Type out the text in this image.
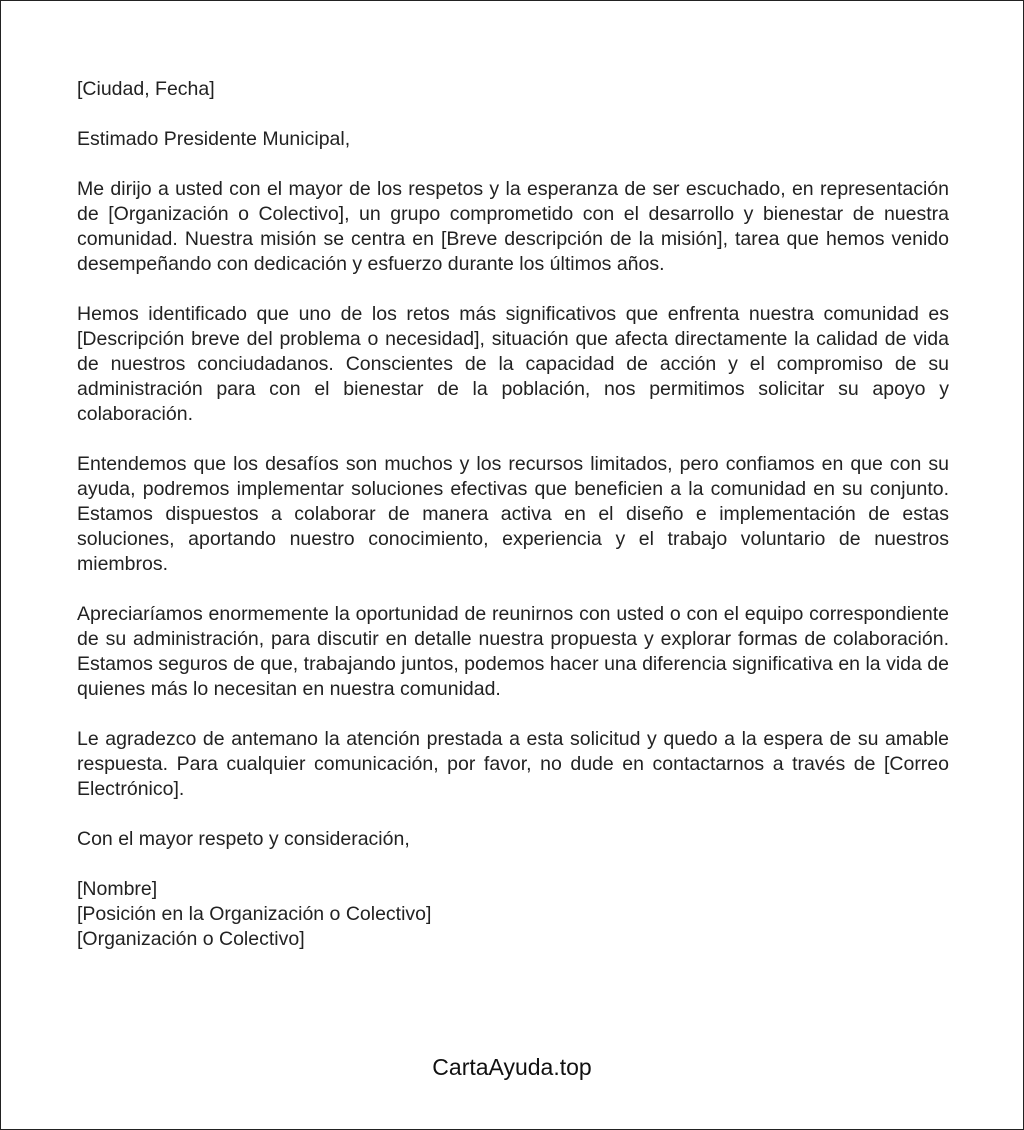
[Ciudad, Fecha]

Estimado Presidente Municipal,

Me dirijo a usted con el mayor de los respetos y la esperanza de ser escuchado, en representación de [Organización o Colectivo], un grupo comprometido con el desarrollo y bienestar de nuestra comunidad. Nuestra misión se centra en [Breve descripción de la misión], tarea que hemos venido desempeñando con dedicación y esfuerzo durante los últimos años.

Hemos identificado que uno de los retos más significativos que enfrenta nuestra comunidad es [Descripción breve del problema o necesidad], situación que afecta directamente la calidad de vida de nuestros conciudadanos. Conscientes de la capacidad de acción y el compromiso de su administración para con el bienestar de la población, nos permitimos solicitar su apoyo y colaboración.

Entendemos que los desafíos son muchos y los recursos limitados, pero confiamos en que con su ayuda, podremos implementar soluciones efectivas que beneficien a la comunidad en su conjunto. Estamos dispuestos a colaborar de manera activa en el diseño e implementación de estas soluciones, aportando nuestro conocimiento, experiencia y el trabajo voluntario de nuestros miembros.

Apreciaríamos enormemente la oportunidad de reunirnos con usted o con el equipo correspondiente de su administración, para discutir en detalle nuestra propuesta y explorar formas de colaboración. Estamos seguros de que, trabajando juntos, podemos hacer una diferencia significativa en la vida de quienes más lo necesitan en nuestra comunidad.

Le agradezco de antemano la atención prestada a esta solicitud y quedo a la espera de su amable respuesta. Para cualquier comunicación, por favor, no dude en contactarnos a través de [Correo Electrónico].

Con el mayor respeto y consideración,

[Nombre]
[Posición en la Organización o Colectivo]
[Organización o Colectivo]

CartaAyuda.top
